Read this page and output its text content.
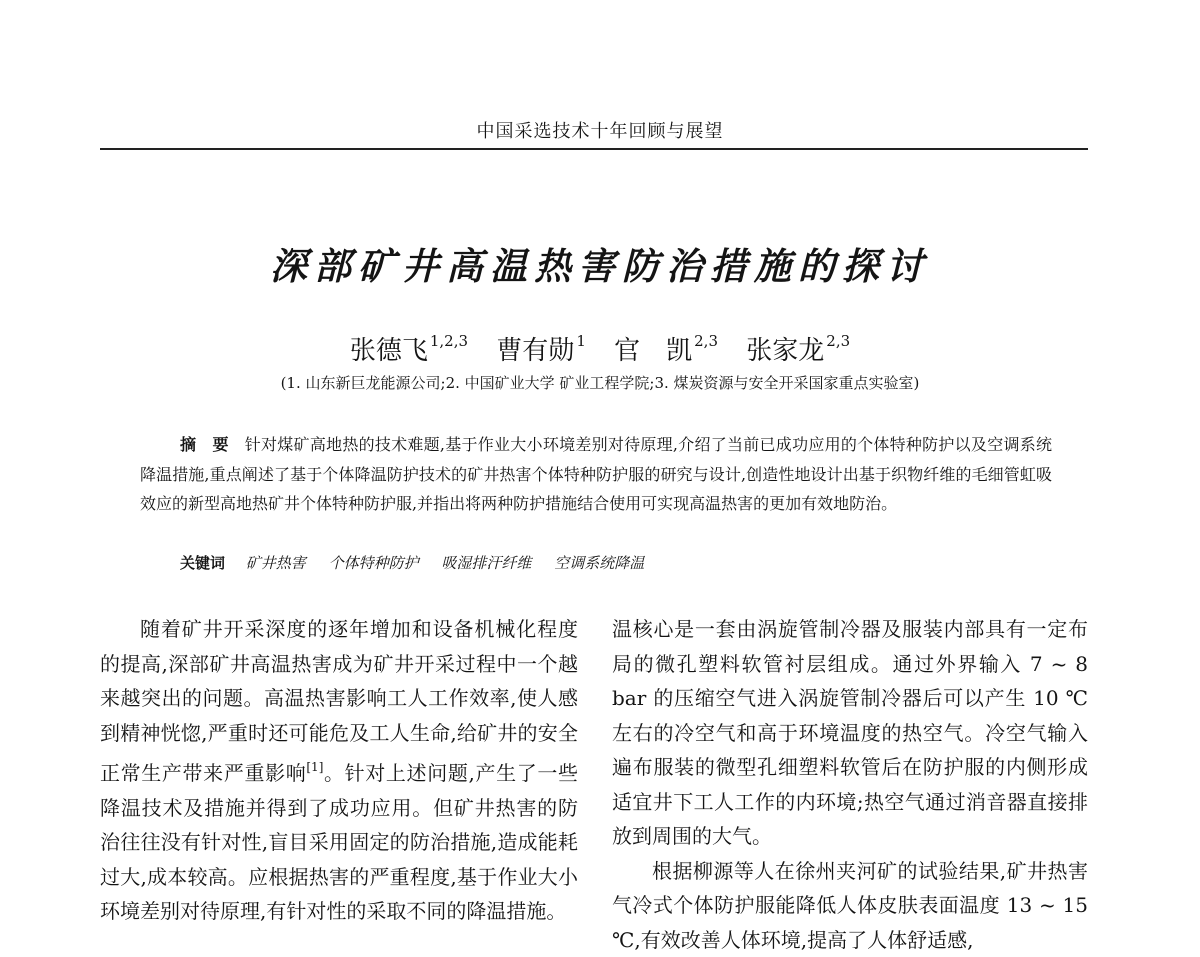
中国采选技术十年回顾与展望
深部矿井高温热害防治措施的探讨
张德飞 $^{1,2,3}$ 曹有勋 $^1$ 官　凯 $^{2,3}$ 张家龙 $^{2,3}$
(1. 山东新巨龙能源公司;2. 中国矿业大学 矿业工程学院;3. 煤炭资源与安全开采国家重点实验室)
摘　要 针对煤矿高地热的技术难题,基于作业大小环境差别对待原理,介绍了当前已成功应用的个体特种防护以及空调系统降温措施,重点阐述了基于个体降温防护技术的矿井热害个体特种防护服的研究与设计,创造性地设计出基于织物纤维的毛细管虹吸效应的新型高地热矿井个体特种防护服,并指出将两种防护措施结合使用可实现高温热害的更加有效地防治。
关键词 矿井热害 个体特种防护 吸湿排汗纤维 空调系统降温

随着矿井开采深度的逐年增加和设备机械化程度的提高,深部矿井高温热害成为矿井开采过程中一个越来越突出的问题。高温热害影响工人工作效率,使人感到精神恍惚,严重时还可能危及工人生命,给矿井的安全正常生产带来严重影响[1]。针对上述问题,产生了一些降温技术及措施并得到了成功应用。但矿井热害的防治往往没有针对性,盲目采用固定的防治措施,造成能耗过大,成本较高。应根据热害的严重程度,基于作业大小环境差别对待原理,有针对性的采取不同的降温措施。

温核心是一套由涡旋管制冷器及服装内部具有一定布局的微孔塑料软管衬层组成。通过外界输入 7 ~ 8 bar 的压缩空气进入涡旋管制冷器后可以产生 10 ℃左右的冷空气和高于环境温度的热空气。冷空气输入遍布服装的微型孔细塑料软管后在防护服的内侧形成适宜井下工人工作的内环境;热空气通过消音器直接排放到周围的大气。

根据柳源等人在徐州夹河矿的试验结果,矿井热害气冷式个体防护服能降低人体皮肤表面温度 13 ~ 15 ℃,有效改善人体环境,提高了人体舒适感,
